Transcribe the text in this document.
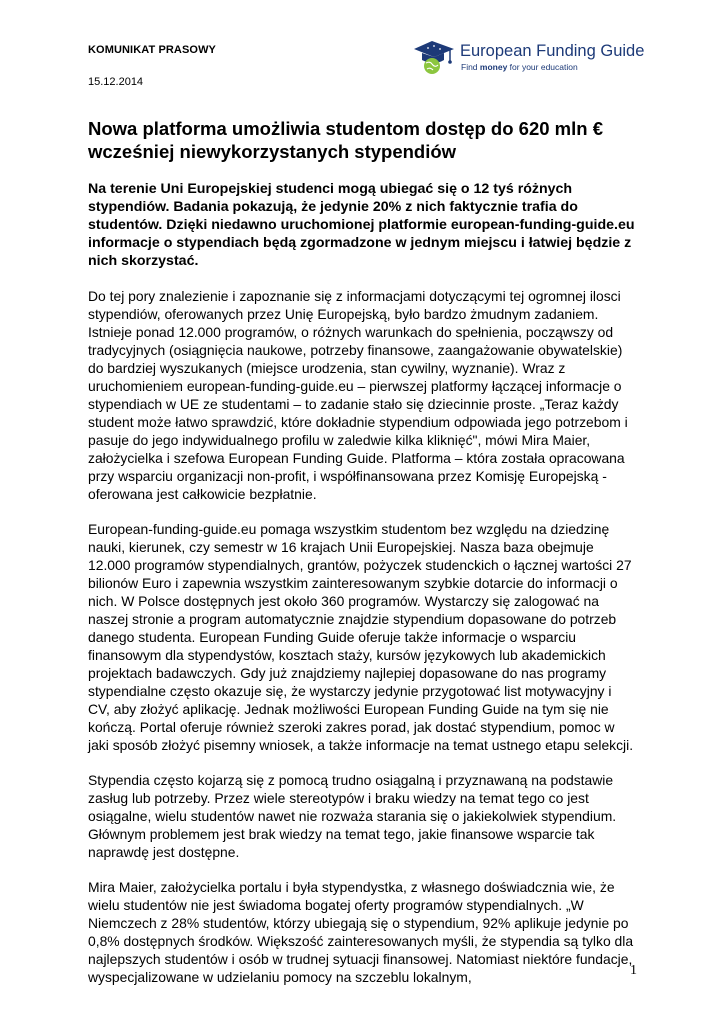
KOMUNIKAT PRASOWY
15.12.2014
European Funding Guide
Find money for your education
Nowa platforma umożliwia studentom dostęp do 620 mln € wcześniej niewykorzystanych stypendiów

Na terenie Uni Europejskiej studenci mogą ubiegać się o 12 tyś różnych stypendiów. Badania pokazują, że jedynie 20% z nich faktycznie trafia do studentów. Dzięki niedawno uruchomionej platformie european-funding-guide.eu informacje o stypendiach będą zgormadzone w jednym miejscu i łatwiej będzie z nich skorzystać.

Do tej pory znalezienie i zapoznanie się z informacjami dotyczącymi tej ogromnej ilosci stypendiów, oferowanych przez Unię Europejską, było bardzo żmudnym zadaniem. Istnieje ponad 12.000 programów, o różnych warunkach do spełnienia, począwszy od tradycyjnych (osiągnięcia naukowe, potrzeby finansowe, zaangażowanie obywatelskie) do bardziej wyszukanych (miejsce urodzenia, stan cywilny, wyznanie). Wraz z uruchomieniem european-funding-guide.eu – pierwszej platformy łączącej informacje o stypendiach w UE ze studentami – to zadanie stało się dziecinnie proste. „Teraz każdy student może łatwo sprawdzić, które dokładnie stypendium odpowiada jego potrzebom i pasuje do jego indywidualnego profilu w zaledwie kilka kliknięć", mówi Mira Maier, założycielka i szefowa European Funding Guide. Platforma – która została opracowana przy wsparciu organizacji non-profit, i współfinansowana przez Komisję Europejską - oferowana jest całkowicie bezpłatnie.

European-funding-guide.eu pomaga wszystkim studentom bez względu na dziedzinę nauki, kierunek, czy semestr w 16 krajach Unii Europejskiej. Nasza baza obejmuje 12.000 programów stypendialnych, grantów, pożyczek studenckich o łącznej wartości 27 bilionów Euro i zapewnia wszystkim zainteresowanym szybkie dotarcie do informacji o nich. W Polsce dostępnych jest około 360 programów. Wystarczy się zalogować na naszej stronie a program automatycznie znajdzie stypendium dopasowane do potrzeb danego studenta. European Funding Guide oferuje także informacje o wsparciu finansowym dla stypendystów, kosztach staży, kursów językowych lub akademickich projektach badawczych. Gdy już znajdziemy najlepiej dopasowane do nas programy stypendialne często okazuje się, że wystarczy jedynie przygotować list motywacyjny i CV, aby złożyć aplikację. Jednak możliwości European Funding Guide na tym się nie kończą. Portal oferuje również szeroki zakres porad, jak dostać stypendium, pomoc w jaki sposób złożyć pisemny wniosek, a także informacje na temat ustnego etapu selekcji.

Stypendia często kojarzą się z pomocą trudno osiągalną i przyznawaną na podstawie zasług lub potrzeby. Przez wiele stereotypów i braku wiedzy na temat tego co jest osiągalne, wielu studentów nawet nie rozważa starania się o jakiekolwiek stypendium. Głównym problemem jest brak wiedzy na temat tego, jakie finansowe wsparcie tak naprawdę jest dostępne.

Mira Maier, założycielka portalu i była stypendystka, z własnego doświadcznia wie, że wielu studentów nie jest świadoma bogatej oferty programów stypendialnych. „W Niemczech z 28% studentów, którzy ubiegają się o stypendium, 92% aplikuje jedynie po 0,8% dostępnych środków. Większość zainteresowanych myśli, że stypendia są tylko dla najlepszych studentów i osób w trudnej sytuacji finansowej. Natomiast niektóre fundacje, wyspecjalizowane w udzielaniu pomocy na szczeblu lokalnym,	1
